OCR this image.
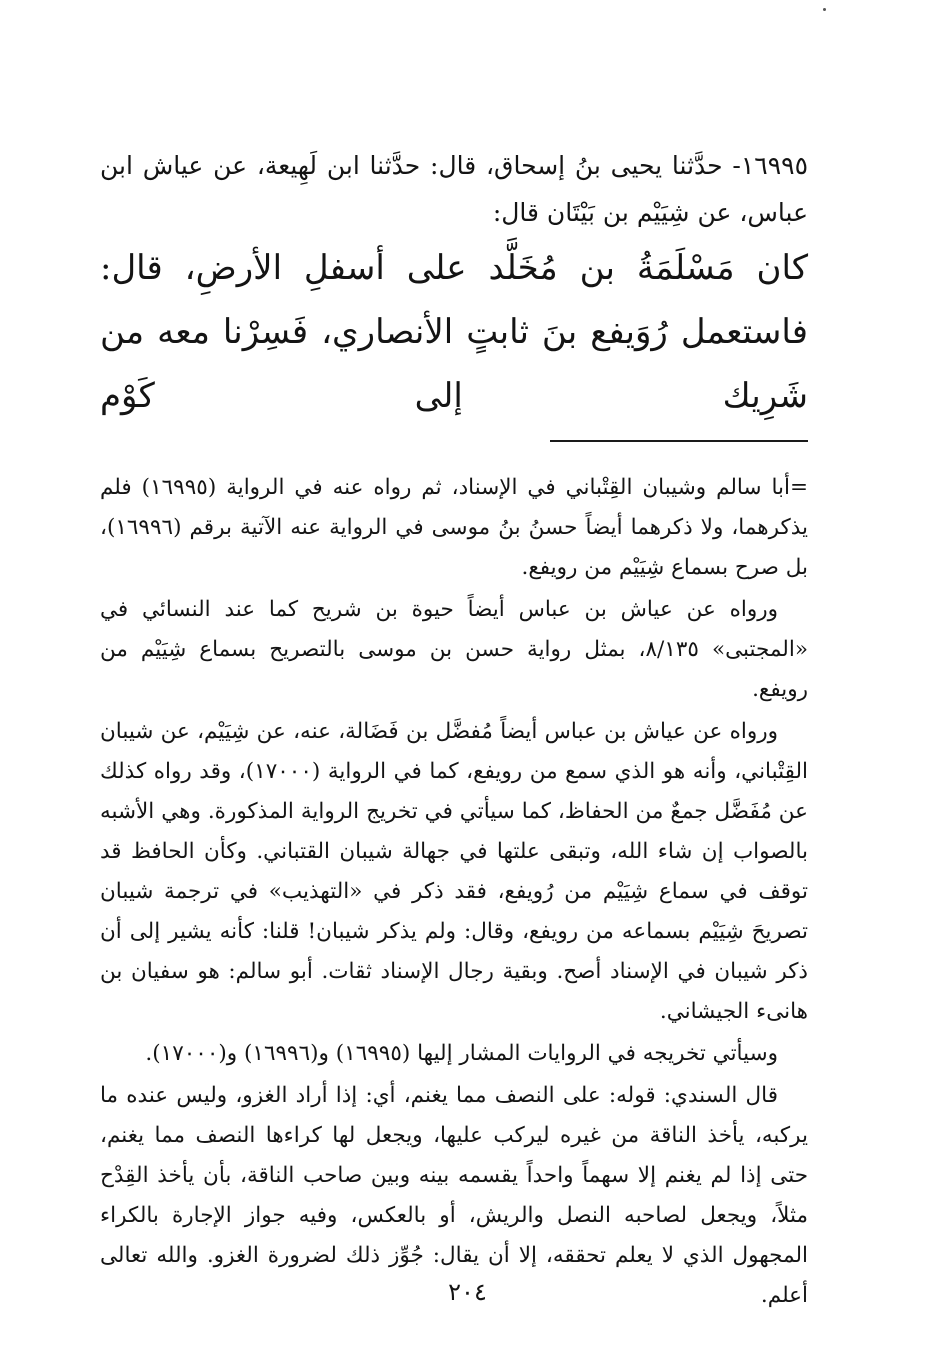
١٦٩٩٥- حدَّثنا يحيى بنُ إسحاق، قال: حدَّثنا ابن لَهِيعة، عن عياش ابن عباس، عن شِيَيْم بن بَيْتَان قال:

كان مَسْلَمَةُ بن مُخَلَّد على أسفلِ الأرضِ، قال: فاستعمل رُوَيفع بنَ ثابتٍ الأنصاري، فَسِرْنا معه من شَرِيك إلى كَوْم

=أبا سالم وشيبان القِتْباني في الإسناد، ثم رواه عنه في الرواية (١٦٩٩٥) فلم يذكرهما، ولا ذكرهما أيضاً حسنُ بنُ موسى في الرواية عنه الآتية برقم (١٦٩٩٦)، بل صرح بسماع شِيَيْم من رويفع.

ورواه عن عياش بن عباس أيضاً حيوة بن شريح كما عند النسائي في «المجتبى» ٨/١٣٥، بمثل رواية حسن بن موسى بالتصريح بسماع شِيَيْم من رويفع.

ورواه عن عياش بن عباس أيضاً مُفضَّل بن فَضَالة، عنه، عن شِيَيْم، عن شيبان القِتْباني، وأنه هو الذي سمع من رويفع، كما في الرواية (١٧٠٠٠)، وقد رواه كذلك عن مُفَضَّل جمعٌ من الحفاظ، كما سيأتي في تخريج الرواية المذكورة. وهي الأشبه بالصواب إن شاء الله، وتبقى علتها في جهالة شيبان القتباني. وكأن الحافظ قد توقف في سماع شِيَيْم من رُويفع، فقد ذكر في «التهذيب» في ترجمة شيبان تصريحَ شِيَيْم بسماعه من رويفع، وقال: ولم يذكر شيبان! قلنا: كأنه يشير إلى أن ذكر شيبان في الإسناد أصح. وبقية رجال الإسناد ثقات. أبو سالم: هو سفيان بن هانىء الجيشاني.

وسيأتي تخريجه في الروايات المشار إليها (١٦٩٩٥) و(١٦٩٩٦) و(١٧٠٠٠).

قال السندي: قوله: على النصف مما يغنم، أي: إذا أراد الغزو، وليس عنده ما يركبه، يأخذ الناقة من غيره ليركب عليها، ويجعل لها كراءها النصف مما يغنم، حتى إذا لم يغنم إلا سهماً واحداً يقسمه بينه وبين صاحب الناقة، بأن يأخذ القِدْح مثلاً، ويجعل لصاحبه النصل والريش، أو بالعكس، وفيه جواز الإجارة بالكراء المجهول الذي لا يعلم تحققه، إلا أن يقال: جُوِّز ذلك لضرورة الغزو. والله تعالى أعلم.

٢٠٤
